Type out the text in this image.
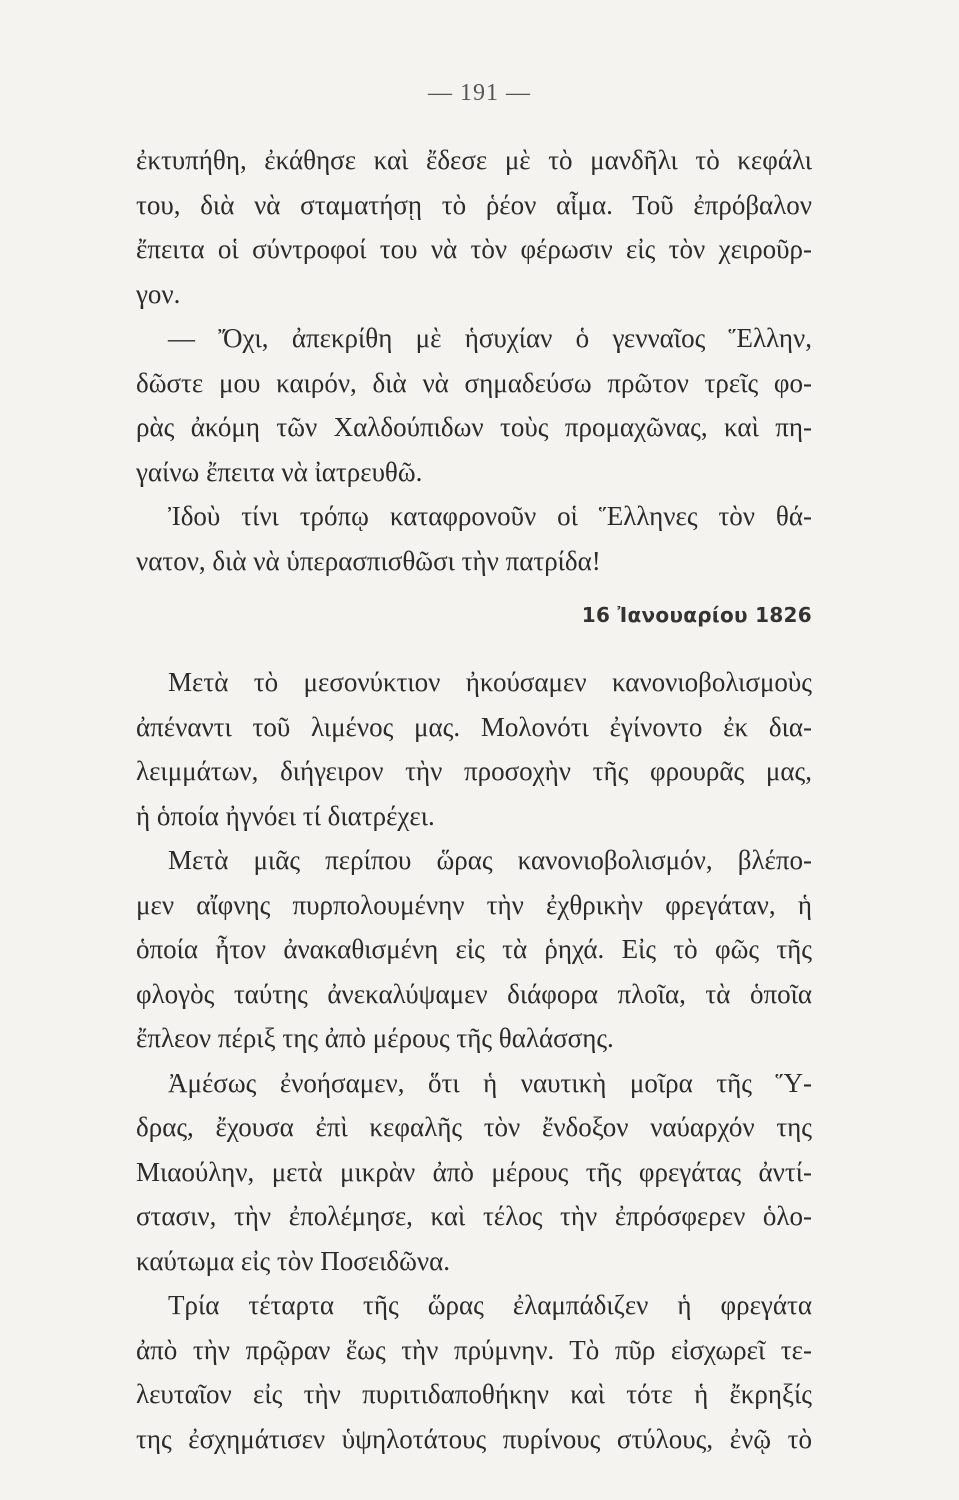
— 191 —
ἐκτυπήθη, ἐκάθησε καὶ ἔδεσε μὲ τὸ μανδῆλι τὸ κεφάλι
του, διὰ νὰ σταματήσῃ τὸ ῥέον αἷμα. Τοῦ ἐπρόβαλον
ἔπειτα οἱ σύντροφοί του νὰ τὸν φέρωσιν εἰς τὸν χειροῦρ-
γον.
— Ὄχι, ἀπεκρίθη μὲ ἡσυχίαν ὁ γενναῖος Ἕλλην,
δῶστε μου καιρόν, διὰ νὰ σημαδεύσω πρῶτον τρεῖς φο-
ρὰς ἀκόμη τῶν Χαλδούπιδων τοὺς προμαχῶνας, καὶ πη-
γαίνω ἔπειτα νὰ ἰατρευθῶ.
Ἰδοὺ τίνι τρόπῳ καταφρονοῦν οἱ Ἕλληνες τὸν θά-
νατον, διὰ νὰ ὑπερασπισθῶσι τὴν πατρίδα!
16 Ἰανουαρίου 1826
Μετὰ τὸ μεσονύκτιον ἠκούσαμεν κανονιοβολισμοὺς
ἀπέναντι τοῦ λιμένος μας. Μολονότι ἐγίνοντο ἐκ δια-
λειμμάτων, διήγειρον τὴν προσοχὴν τῆς φρουρᾶς μας,
ἡ ὁποία ἠγνόει τί διατρέχει.
Μετὰ μιᾶς περίπου ὥρας κανονιοβολισμόν, βλέπο-
μεν αἴφνης πυρπολουμένην τὴν ἐχθρικὴν φρεγάταν, ἡ
ὁποία ἦτον ἀνακαθισμένη εἰς τὰ ῥηχά. Εἰς τὸ φῶς τῆς
φλογὸς ταύτης ἀνεκαλύψαμεν διάφορα πλοῖα, τὰ ὁποῖα
ἔπλεον πέριξ της ἀπὸ μέρους τῆς θαλάσσης.
Ἀμέσως ἐνοήσαμεν, ὅτι ἡ ναυτικὴ μοῖρα τῆς Ὕ-
δρας, ἔχουσα ἐπὶ κεφαλῆς τὸν ἔνδοξον ναύαρχόν της
Μιαούλην, μετὰ μικρὰν ἀπὸ μέρους τῆς φρεγάτας ἀντί-
στασιν, τὴν ἐπολέμησε, καὶ τέλος τὴν ἐπρόσφερεν ὁλο-
καύτωμα εἰς τὸν Ποσειδῶνα.
Τρία τέταρτα τῆς ὥρας ἐλαμπάδιζεν ἡ φρεγάτα
ἀπὸ τὴν πρῷραν ἕως τὴν πρύμνην. Τὸ πῦρ εἰσχωρεῖ τε-
λευταῖον εἰς τὴν πυριτιδαποθήκην καὶ τότε ἡ ἔκρηξίς
της ἐσχημάτισεν ὑψηλοτάτους πυρίνους στύλους, ἐνῷ τὸ
